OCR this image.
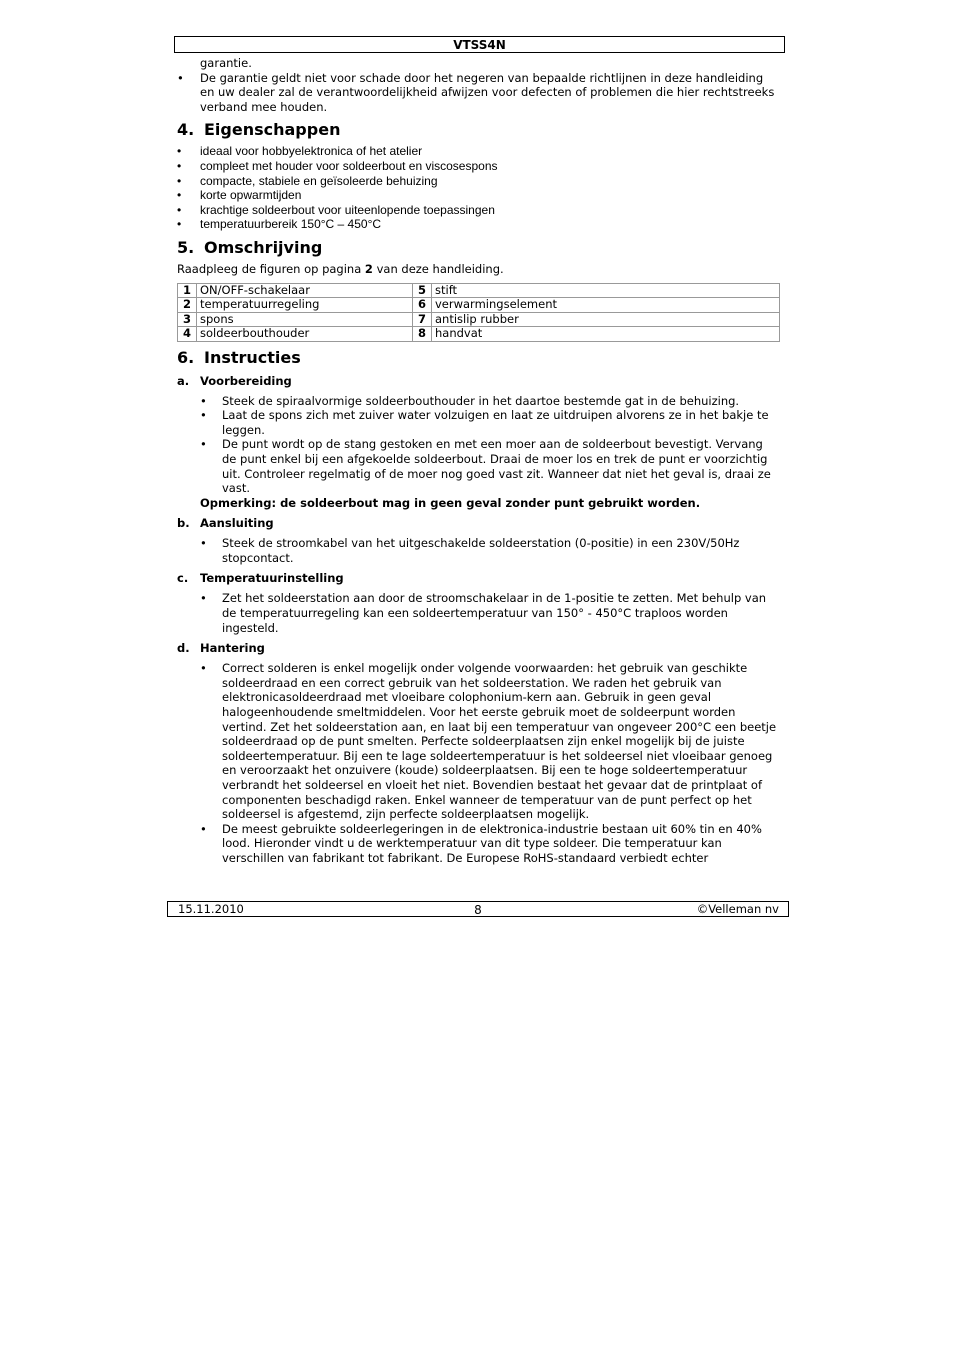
VTSS4N
garantie.
• De garantie geldt niet voor schade door het negeren van bepaalde richtlijnen in deze handleiding en uw dealer zal de verantwoordelijkheid afwijzen voor defecten of problemen die hier rechtstreeks verband mee houden.
4. Eigenschappen
• ideaal voor hobbyelektronica of het atelier
• compleet met houder voor soldeerbout en viscosespons
• compacte, stabiele en geïsoleerde behuizing
• korte opwarmtijden
• krachtige soldeerbout voor uiteenlopende toepassingen
• temperatuurbereik 150°C – 450°C
5. Omschrijving
Raadpleeg de figuren op pagina 2 van deze handleiding.
1	ON/OFF-schakelaar	5	stift
2	temperatuurregeling	6	verwarmingselement
3	spons	7	antislip rubber
4	soldeerbouthouder	8	handvat
6. Instructies
a. Voorbereiding
• Steek de spiraalvormige soldeerbouthouder in het daartoe bestemde gat in de behuizing.
• Laat de spons zich met zuiver water volzuigen en laat ze uitdruipen alvorens ze in het bakje te leggen.
• De punt wordt op de stang gestoken en met een moer aan de soldeerbout bevestigt. Vervang de punt enkel bij een afgekoelde soldeerbout. Draai de moer los en trek de punt er voorzichtig uit. Controleer regelmatig of de moer nog goed vast zit. Wanneer dat niet het geval is, draai ze vast.
Opmerking: de soldeerbout mag in geen geval zonder punt gebruikt worden.
b. Aansluiting
• Steek de stroomkabel van het uitgeschakelde soldeerstation (0-positie) in een 230V/50Hz stopcontact.
c. Temperatuurinstelling
• Zet het soldeerstation aan door de stroomschakelaar in de 1-positie te zetten. Met behulp van de temperatuurregeling kan een soldeertemperatuur van 150° - 450°C traploos worden ingesteld.
d. Hantering
• Correct solderen is enkel mogelijk onder volgende voorwaarden: het gebruik van geschikte soldeerdraad en een correct gebruik van het soldeerstation. We raden het gebruik van elektronicasoldeerdraad met vloeibare colophonium-kern aan. Gebruik in geen geval halogeenhoudende smeltmiddelen. Voor het eerste gebruik moet de soldeerpunt worden vertind. Zet het soldeerstation aan, en laat bij een temperatuur van ongeveer 200°C een beetje soldeerdraad op de punt smelten. Perfecte soldeerplaatsen zijn enkel mogelijk bij de juiste soldeertemperatuur. Bij een te lage soldeertemperatuur is het soldeersel niet vloeibaar genoeg en veroorzaakt het onzuivere (koude) soldeerplaatsen. Bij een te hoge soldeertemperatuur verbrandt het soldeersel en vloeit het niet. Bovendien bestaat het gevaar dat de printplaat of componenten beschadigd raken. Enkel wanneer de temperatuur van de punt perfect op het soldeersel is afgestemd, zijn perfecte soldeerplaatsen mogelijk.
• De meest gebruikte soldeerlegeringen in de elektronica-industrie bestaan uit 60% tin en 40% lood. Hieronder vindt u de werktemperatuur van dit type soldeer. Die temperatuur kan verschillen van fabrikant tot fabrikant. De Europese RoHS-standaard verbiedt echter
15.11.2010	8	©Velleman nv
